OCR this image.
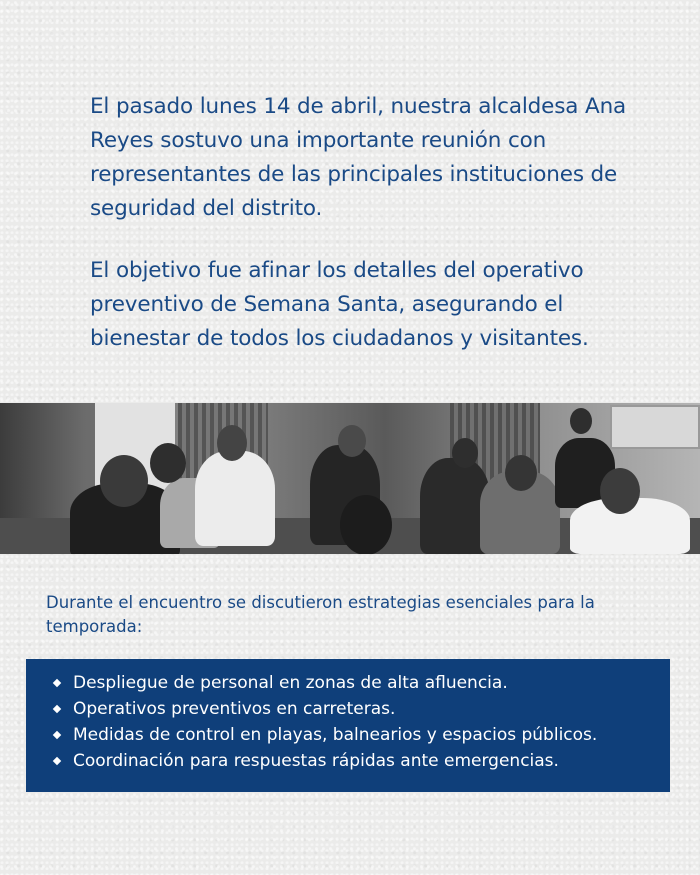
El pasado lunes 14 de abril, nuestra alcaldesa Ana Reyes sostuvo una importante reunión con representantes de las principales instituciones de seguridad del distrito.

El objetivo fue afinar los detalles del operativo preventivo de Semana Santa, asegurando el bienestar de todos los ciudadanos y visitantes.

Durante el encuentro se discutieron estrategias esenciales para la temporada:
Despliegue de personal en zonas de alta afluencia.
Operativos preventivos en carreteras.
Medidas de control en playas, balnearios y espacios públicos.
Coordinación para respuestas rápidas ante emergencias.
